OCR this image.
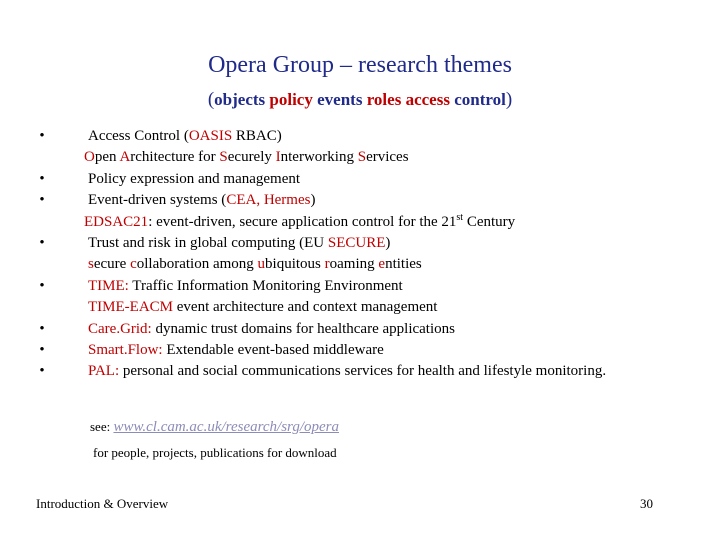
Opera Group – research themes
(objects policy events roles access control)
•	Access Control (OASIS RBAC)
Open Architecture for Securely Interworking Services
•	Policy expression and management
•	Event-driven systems (CEA, Hermes)
EDSAC21: event-driven, secure application control for the 21st Century
•	Trust and risk in global computing (EU SECURE)
secure collaboration among ubiquitous roaming entities
•	TIME: Traffic Information Monitoring Environment
TIME-EACM event architecture and context management
•	Care.Grid: dynamic trust domains for healthcare applications
•	Smart.Flow: Extendable event-based middleware
•	PAL: personal and social communications services for health and lifestyle monitoring.
see: www.cl.cam.ac.uk/research/srg/opera
for people, projects, publications for download
Introduction & Overview	30
